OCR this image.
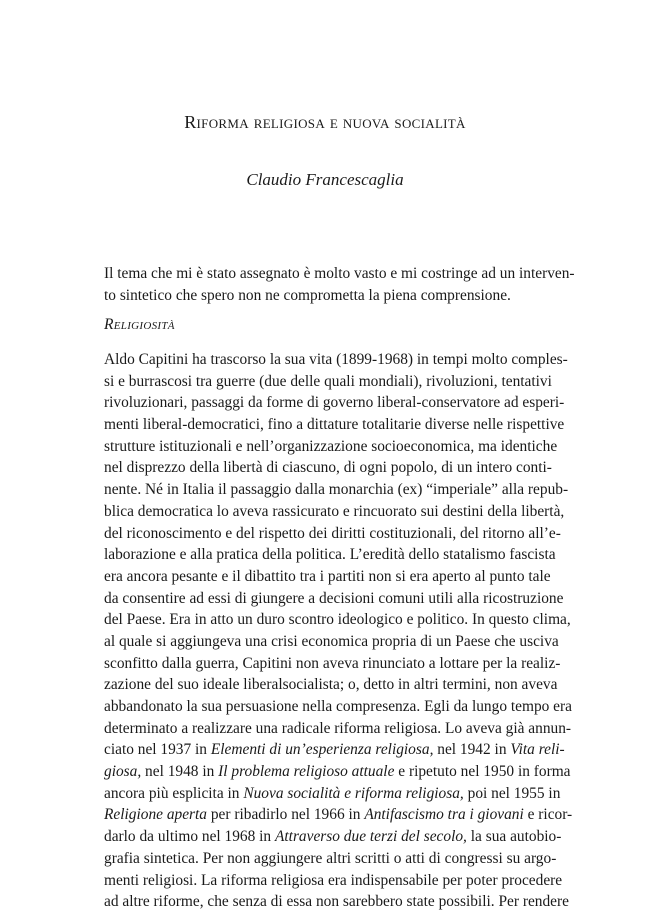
Riforma religiosa e nuova socialità
Claudio Francescaglia
Il tema che mi è stato assegnato è molto vasto e mi costringe ad un interven-
to sintetico che spero non ne comprometta la piena comprensione.
Religiosità
Aldo Capitini ha trascorso la sua vita (1899-1968) in tempi molto comples-
si e burrascosi tra guerre (due delle quali mondiali), rivoluzioni, tentativi
rivoluzionari, passaggi da forme di governo liberal-conservatore ad esperi-
menti liberal-democratici, fino a dittature totalitarie diverse nelle rispettive
strutture istituzionali e nell’organizzazione socioeconomica, ma identiche
nel disprezzo della libertà di ciascuno, di ogni popolo, di un intero conti-
nente. Né in Italia il passaggio dalla monarchia (ex) “imperiale” alla repub-
blica democratica lo aveva rassicurato e rincuorato sui destini della libertà,
del riconoscimento e del rispetto dei diritti costituzionali, del ritorno all’e-
laborazione e alla pratica della politica. L’eredità dello statalismo fascista
era ancora pesante e il dibattito tra i partiti non si era aperto al punto tale
da consentire ad essi di giungere a decisioni comuni utili alla ricostruzione
del Paese. Era in atto un duro scontro ideologico e politico. In questo clima,
al quale si aggiungeva una crisi economica propria di un Paese che usciva
sconfitto dalla guerra, Capitini non aveva rinunciato a lottare per la realiz-
zazione del suo ideale liberalsocialista; o, detto in altri termini, non aveva
abbandonato la sua persuasione nella compresenza. Egli da lungo tempo era
determinato a realizzare una radicale riforma religiosa. Lo aveva già annun-
ciato nel 1937 in Elementi di un’esperienza religiosa, nel 1942 in Vita reli-
giosa, nel 1948 in Il problema religioso attuale e ripetuto nel 1950 in forma
ancora più esplicita in Nuova socialità e riforma religiosa, poi nel 1955 in
Religione aperta per ribadirlo nel 1966 in Antifascismo tra i giovani e ricor-
darlo da ultimo nel 1968 in Attraverso due terzi del secolo, la sua autobio-
grafia sintetica. Per non aggiungere altri scritti o atti di congressi su argo-
menti religiosi. La riforma religiosa era indispensabile per poter procedere
ad altre riforme, che senza di essa non sarebbero state possibili. Per rendere
